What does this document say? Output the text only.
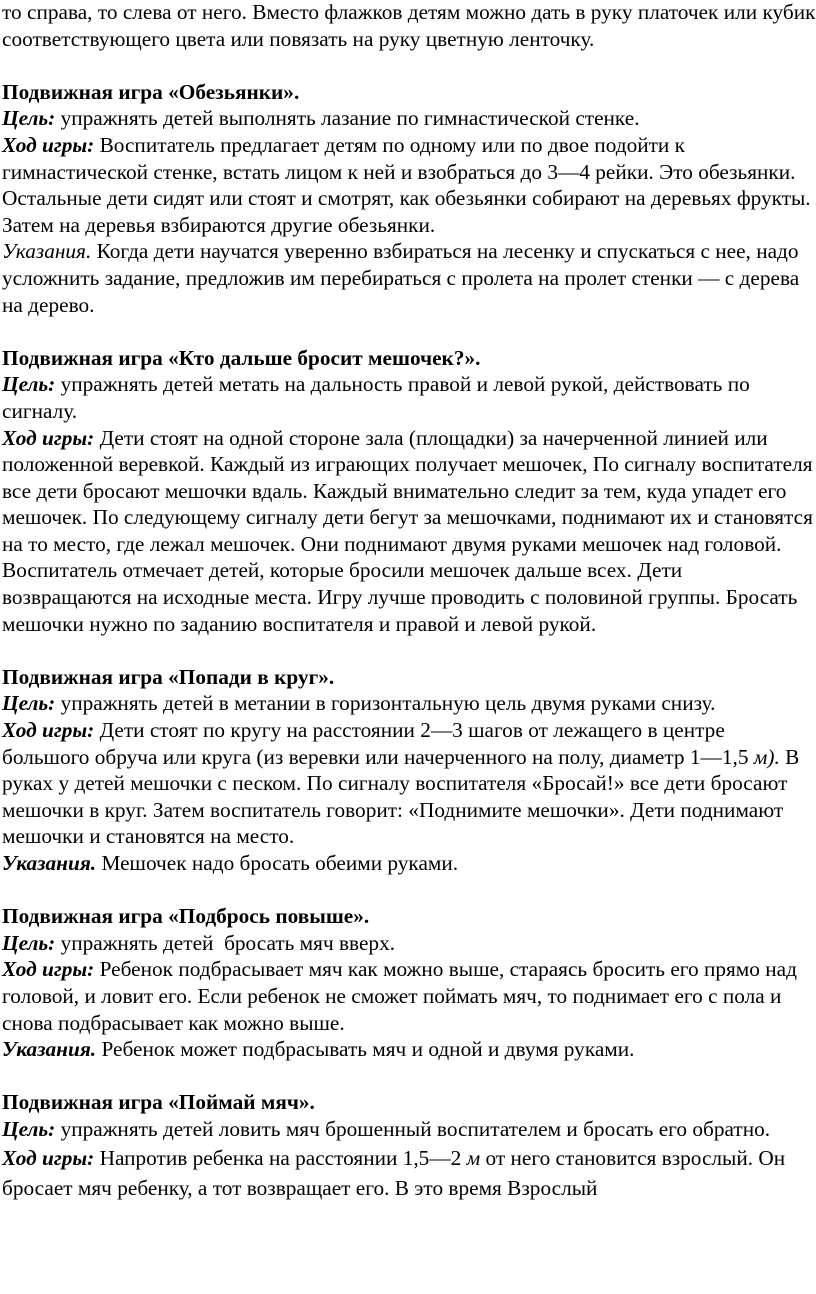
то справа, то слева от него. Вместо флажков детям можно дать в руку платочек или кубик соответствующего цвета или повязать на руку цветную ленточку.

Подвижная игра «Обезьянки».

Цель: упражнять детей выполнять лазание по гимнастической стенке.

Ход игры: Воспитатель предлагает детям по одному или по двое подойти к гимнастической стенке, встать лицом к ней и взобраться до 3—4 рейки. Это обезьянки. Остальные дети сидят или стоят и смотрят, как обезьянки собирают на деревьях фрукты. Затем на деревья взбираются другие обезьянки.

Указания. Когда дети научатся уверенно взбираться на лесенку и спускаться с нее, надо усложнить задание, предложив им перебираться с пролета на пролет стенки — с дерева на дерево.

Подвижная игра «Кто дальше бросит мешочек?».

Цель: упражнять детей метать на дальность правой и левой рукой, действовать по сигналу.

Ход игры: Дети стоят на одной стороне зала (площадки) за начерченной линией или положенной веревкой. Каждый из играющих получает мешочек, По сигналу воспитателя все дети бросают мешочки вдаль. Каждый внимательно следит за тем, куда упадет его мешочек. По следующему сигналу дети бегут за мешочками, поднимают их и становятся на то место, где лежал мешочек. Они поднимают двумя руками мешочек над головой. Воспитатель отмечает детей, которые бросили мешочек дальше всех. Дети возвращаются на исходные места. Игру лучше проводить с половиной группы. Бросать мешочки нужно по заданию воспитателя и правой и левой рукой.

Подвижная игра «Попади в круг».

Цель: упражнять детей в метании в горизонтальную цель двумя руками снизу.

Ход игры: Дети стоят по кругу на расстоянии 2—3 шагов от лежащего в центре большого обруча или круга (из веревки или начерченного на полу, диаметр 1—1,5 м). В руках у детей мешочки с песком. По сигналу воспитателя «Бросай!» все дети бросают мешочки в круг. Затем воспитатель говорит: «Поднимите мешочки». Дети поднимают мешочки и становятся на место.

Указания. Мешочек надо бросать обеими руками.

Подвижная игра «Подбрось повыше».

Цель: упражнять детей  бросать мяч вверх.

Ход игры: Ребенок подбрасывает мяч как можно выше, стараясь бросить его прямо над головой, и ловит его. Если ребенок не сможет поймать мяч, то поднимает его с пола и снова подбрасывает как можно выше.

Указания. Ребенок может подбрасывать мяч и одной и двумя руками.

Подвижная игра «Поймай мяч».

Цель: упражнять детей ловить мяч брошенный воспитателем и бросать его обратно.

Ход игры: Напротив ребенка на расстоянии 1,5—2 м от него становится взрослый. Он бросает мяч ребенку, а тот возвращает его. В это время Взрослый
